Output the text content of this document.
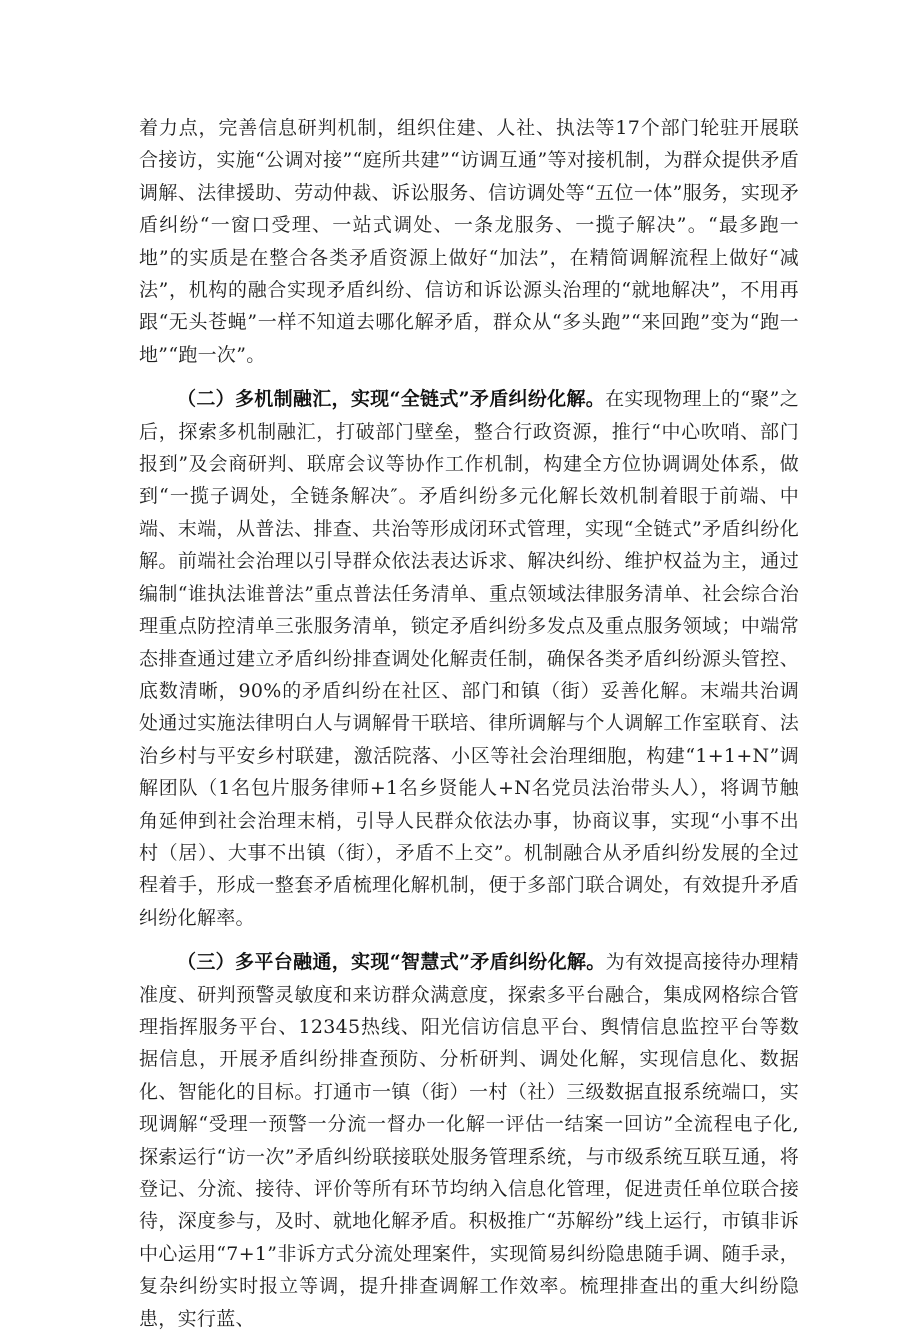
着力点，完善信息研判机制，组织住建、人社、执法等17个部门轮驻开展联合接访，实施“公调对接”“庭所共建”“访调互通”等对接机制，为群众提供矛盾调解、法律援助、劳动仲裁、诉讼服务、信访调处等“五位一体”服务，实现矛盾纠纷“一窗口受理、一站式调处、一条龙服务、一揽子解决”。“最多跑一地”的实质是在整合各类矛盾资源上做好“加法”，在精简调解流程上做好“减法”，机构的融合实现矛盾纠纷、信访和诉讼源头治理的“就地解决”，不用再跟“无头苍蝇”一样不知道去哪化解矛盾，群众从“多头跑”“来回跑”变为“跑一地”“跑一次”。

（二）多机制融汇，实现“全链式”矛盾纠纷化解。在实现物理上的“聚”之后，探索多机制融汇，打破部门壁垒，整合行政资源，推行“中心吹哨、部门报到”及会商研判、联席会议等协作工作机制，构建全方位协调调处体系，做到“一揽子调处，全链条解决″。矛盾纠纷多元化解长效机制着眼于前端、中端、末端，从普法、排查、共治等形成闭环式管理，实现“全链式”矛盾纠纷化解。前端社会治理以引导群众依法表达诉求、解决纠纷、维护权益为主，通过编制“谁执法谁普法”重点普法任务清单、重点领域法律服务清单、社会综合治理重点防控清单三张服务清单，锁定矛盾纠纷多发点及重点服务领域；中端常态排查通过建立矛盾纠纷排查调处化解责任制，确保各类矛盾纠纷源头管控、底数清晰，90%的矛盾纠纷在社区、部门和镇（街）妥善化解。末端共治调处通过实施法律明白人与调解骨干联培、律所调解与个人调解工作室联育、法治乡村与平安乡村联建，激活院落、小区等社会治理细胞，构建“1+1+N”调解团队（1名包片服务律师+1名乡贤能人+N名党员法治带头人），将调节触角延伸到社会治理末梢，引导人民群众依法办事，协商议事，实现“小事不出村（居）、大事不出镇（街），矛盾不上交”。机制融合从矛盾纠纷发展的全过程着手，形成一整套矛盾梳理化解机制，便于多部门联合调处，有效提升矛盾纠纷化解率。

（三）多平台融通，实现“智慧式”矛盾纠纷化解。为有效提高接待办理精准度、研判预警灵敏度和来访群众满意度，探索多平台融合，集成网格综合管理指挥服务平台、12345热线、阳光信访信息平台、舆情信息监控平台等数据信息，开展矛盾纠纷排查预防、分析研判、调处化解，实现信息化、数据化、智能化的目标。打通市一镇（街）一村（社）三级数据直报系统端口，实现调解“受理一预警一分流一督办一化解一评估一结案一回访”全流程电子化,探索运行“访一次”矛盾纠纷联接联处服务管理系统，与市级系统互联互通，将登记、分流、接待、评价等所有环节均纳入信息化管理，促进责任单位联合接待，深度参与，及时、就地化解矛盾。积极推广“苏解纷”线上运行，市镇非诉中心运用“7+1”非诉方式分流处理案件，实现简易纠纷隐患随手调、随手录，复杂纠纷实时报立等调，提升排查调解工作效率。梳理排查出的重大纠纷隐患，实行蓝、
